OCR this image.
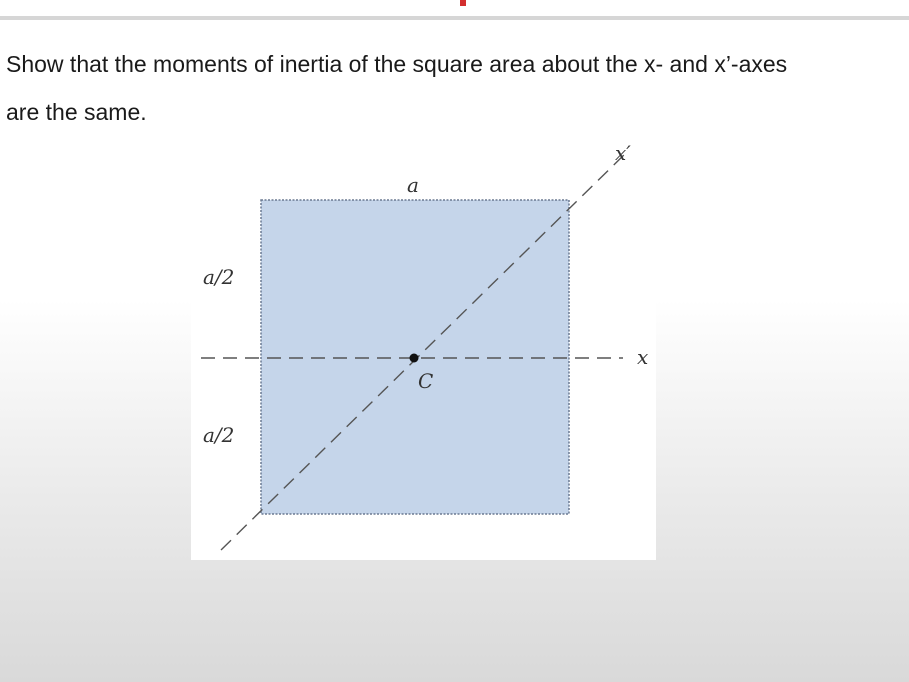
Show that the moments of inertia of the square area about the x- and x’-axes
are the same.
a
a/2
a/2
x
x′
C
